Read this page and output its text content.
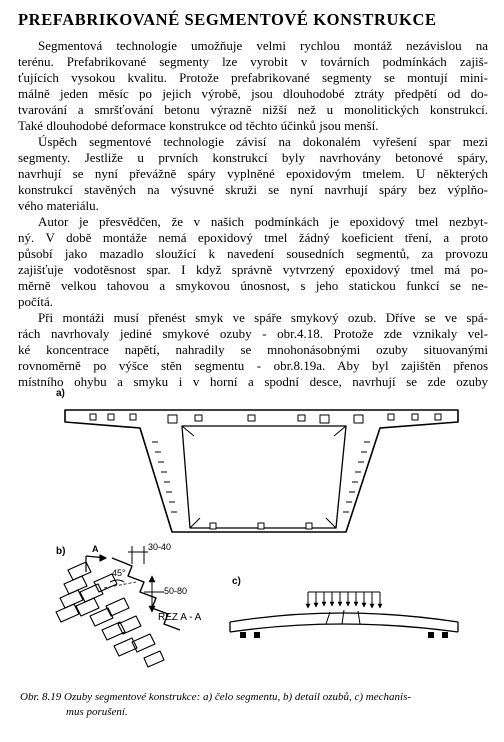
PREFABRIKOVANÉ SEGMENTOVÉ KONSTRUKCE
Segmentová technologie umožňuje velmi rychlou montáž nezávislou na
terénu. Prefabrikované segmenty lze vyrobit v továrních podmínkách zajiš-
ťujících vysokou kvalitu. Protože prefabrikované segmenty se montují mini-
málně jeden měsíc po jejich výrobě, jsou dlouhodobé ztráty předpětí od do-
tvarování a smršťování betonu výrazně nižší než u monolitických konstrukcí.
Také dlouhodobé deformace konstrukce od těchto účinků jsou menší.
Úspěch segmentové technologie závisí na dokonalém vyřešení spar mezi
segmenty. Jestliže u prvních konstrukcí byly navrhovány betonové spáry,
navrhují se nyní převážně spáry vyplněné epoxidovým tmelem. U některých
konstrukcí stavěných na výsuvné skruži se nyní navrhují spáry bez výplňo-
vého materiálu.
Autor je přesvědčen, že v našich podmínkách je epoxidový tmel nezbyt-
ný. V době montáže nemá epoxidový tmel žádný koeficient tření, a proto
působí jako mazadlo sloužící k navedení sousedních segmentů, za provozu
zajišťuje vodotěsnost spar. I když správně vytvrzený epoxidový tmel má po-
měrně velkou tahovou a smykovou únosnost, s jeho statickou funkcí se ne-
počítá.
Při montáži musí přenést smyk ve spáře smykový ozub. Dříve se ve spá-
rách navrhovaly jediné smykové ozuby - obr.4.18. Protože zde vznikaly vel-
ké koncentrace napětí, nahradily se mnohonásobnými ozuby situovanými
rovnoměrně po výšce stěn segmentu - obr.8.19a. Aby byl zajištěn přenos
místního ohybu a smyku i v horní a spodní desce, navrhují se zde ozuby
a)
b)
c)
A	30-40
50-80
45°
ŘEZ A - A
Obr. 8.19 Ozuby segmentové konstrukce: a) čelo segmentu, b) detail ozubů, c) mechanis-
mus porušení.
